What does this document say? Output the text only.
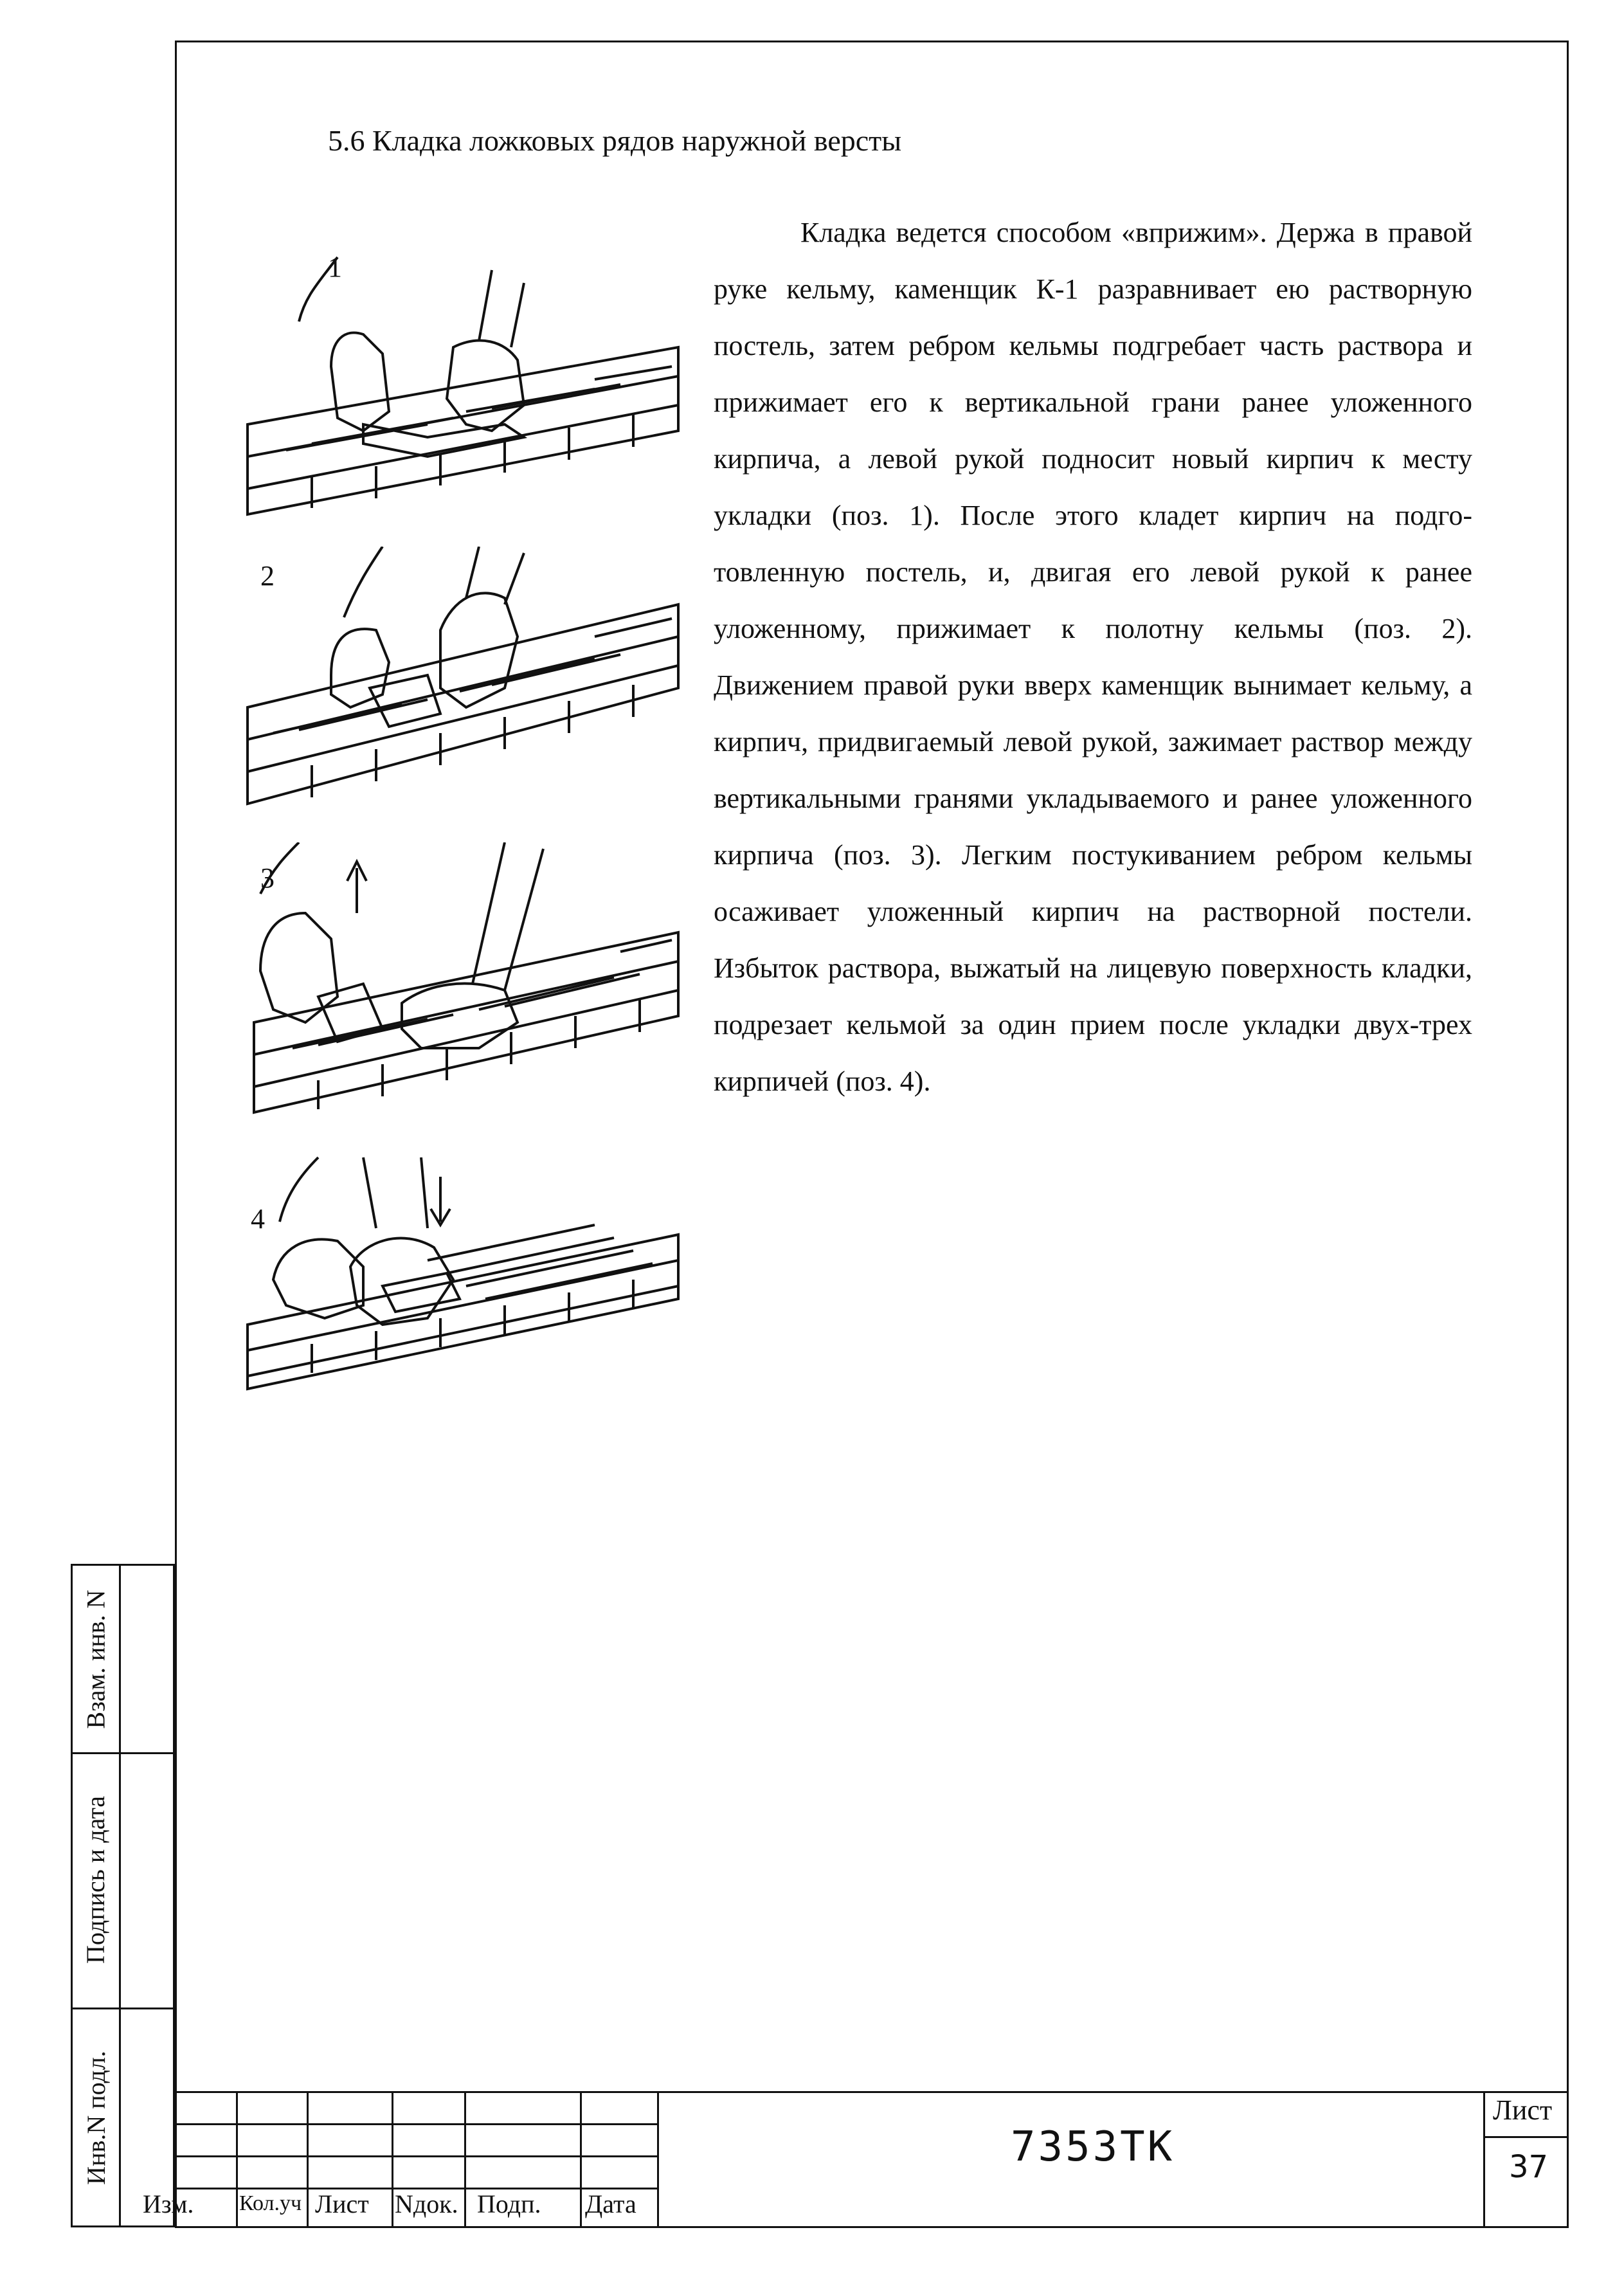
5.6 Кладка ложковых рядов наружной версты

Кладка ведется способом «вприжим». Держа в правой руке кельму, каменщик К-1 разравнивает ею растворную постель, затем ребром кельмы подгребает часть раствора и прижимает его к вертикальной грани ранее уложенного кирпича, а левой рукой подносит новый кирпич к месту укладки (поз. 1). После этого кладет кирпич на подго-товленную постель, и, двигая его левой рукой к ранее уложенному, прижимает к полотну кельмы (поз. 2). Движением правой руки вверх каменщик вынимает кельму, а кирпич, придвигаемый левой рукой, зажимает раствор между вертикальными гранями укладываемого и ранее уложенного кирпича (поз. 3). Легким постукиванием ребром кельмы осаживает уложенный кирпич на растворной постели. Избыток раствора, выжатый на лицевую поверхность кладки, подрезает кельмой за один прием после укладки двух-трех кирпичей (поз. 4).

1
2
3
4
Взам. инв. N
Подпись и дата
Инв.N подл.
Изм. Кол.уч Лист Nдок. Подп. Дата
7353ТК
Лист
37
